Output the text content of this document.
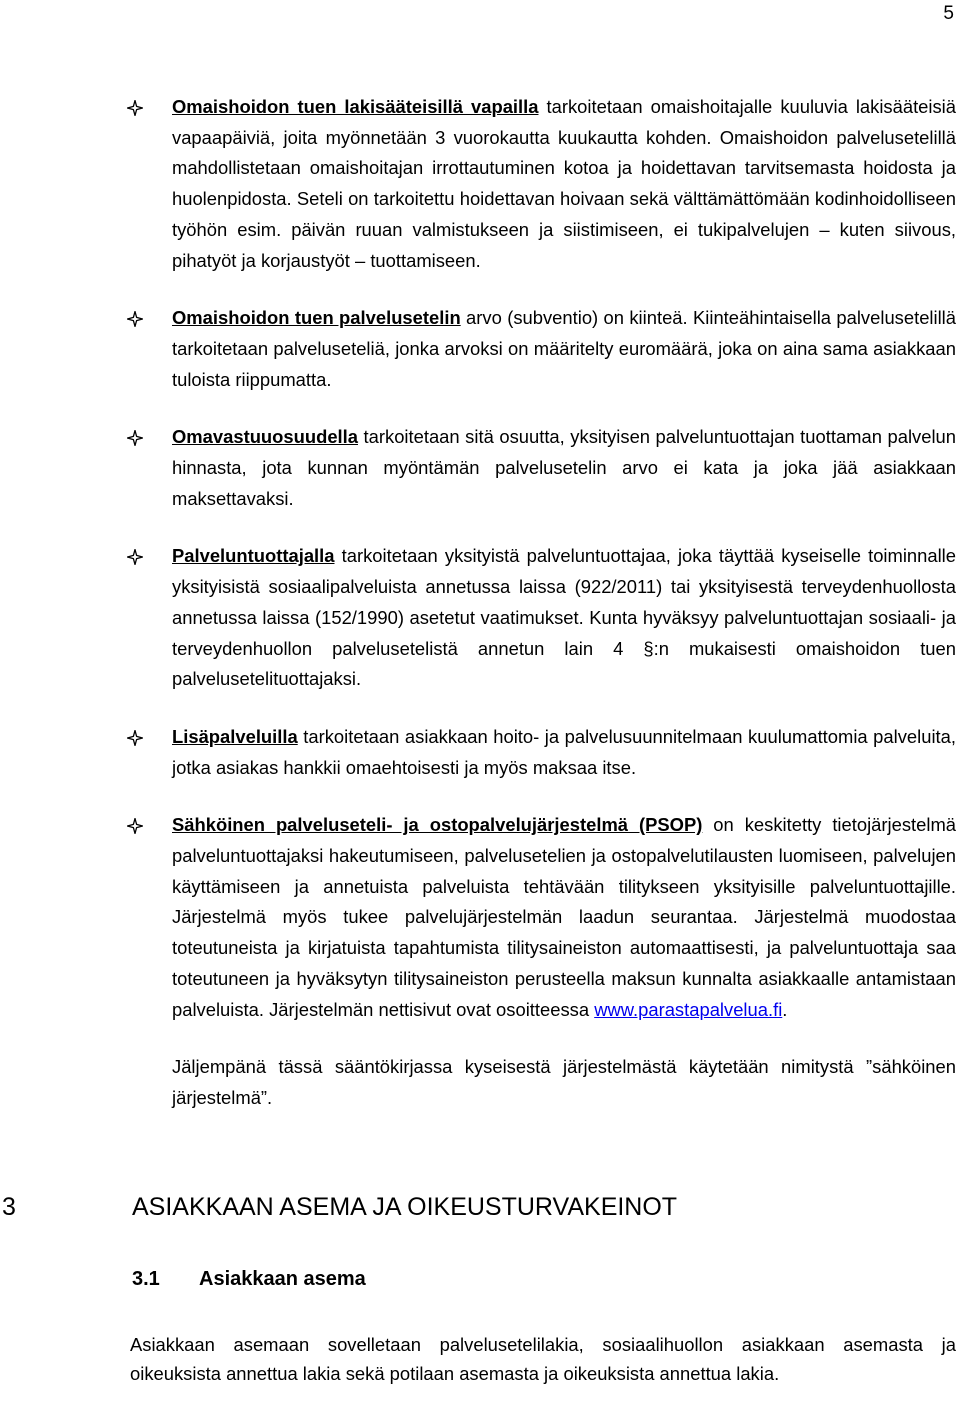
5
Omaishoidon tuen lakisääteisillä vapailla tarkoitetaan omaishoitajalle kuuluvia lakisääteisiä vapaapäiviä, joita myönnetään 3 vuorokautta kuukautta kohden. Omaishoidon palvelusetelillä mahdollistetaan omaishoitajan irrottautuminen kotoa ja hoidettavan tarvitsemasta hoidosta ja huolenpidosta. Seteli on tarkoitettu hoidettavan hoivaan sekä välttämättömään kodinhoidolliseen työhön esim. päivän ruuan valmistukseen ja siistimiseen, ei tukipalvelujen – kuten siivous, pihatyöt ja korjaustyöt – tuottamiseen.
Omaishoidon tuen palvelusetelin arvo (subventio) on kiinteä. Kiinteähintaisella palvelusetelillä tarkoitetaan palveluseteliä, jonka arvoksi on määritelty euromäärä, joka on aina sama asiakkaan tuloista riippumatta.
Omavastuuosuudella tarkoitetaan sitä osuutta, yksityisen palveluntuottajan tuottaman palvelun hinnasta, jota kunnan myöntämän palvelusetelin arvo ei kata ja joka jää asiakkaan maksettavaksi.
Palveluntuottajalla tarkoitetaan yksityistä palveluntuottajaa, joka täyttää kyseiselle toiminnalle yksityisistä sosiaalipalveluista annetussa laissa (922/2011) tai yksityisestä terveydenhuollosta annetussa laissa (152/1990) asetetut vaatimukset. Kunta hyväksyy palveluntuottajan sosiaali- ja terveydenhuollon palvelusetelistä annetun lain 4 §:n mukaisesti omaishoidon tuen palvelusetelituottajaksi.
Lisäpalveluilla tarkoitetaan asiakkaan hoito- ja palvelusuunnitelmaan kuulumattomia palveluita, jotka asiakas hankkii omaehtoisesti ja myös maksaa itse.
Sähköinen palveluseteli- ja ostopalvelujärjestelmä (PSOP) on keskitetty tietojärjestelmä palveluntuottajaksi hakeutumiseen, palvelusetelien ja ostopalvelutilausten luomiseen, palvelujen käyttämiseen ja annetuista palveluista tehtävään tilitykseen yksityisille palveluntuottajille. Järjestelmä myös tukee palvelujärjestelmän laadun seurantaa. Järjestelmä muodostaa toteutuneista ja kirjatuista tapahtumista tilitysaineiston automaattisesti, ja palveluntuottaja saa toteutuneen ja hyväksytyn tilitysaineiston perusteella maksun kunnalta asiakkaalle antamistaan palveluista. Järjestelmän nettisivut ovat osoitteessa www.parastapalvelua.fi.

Jäljempänä tässä sääntökirjassa kyseisestä järjestelmästä käytetään nimitystä ”sähköinen järjestelmä”.

3	ASIAKKAAN ASEMA JA OIKEUSTURVAKEINOT
3.1 Asiakkaan asema

Asiakkaan asemaan sovelletaan palvelusetelilakia, sosiaalihuollon asiakkaan asemasta ja oikeuksista annettua lakia sekä potilaan asemasta ja oikeuksista annettua lakia.
